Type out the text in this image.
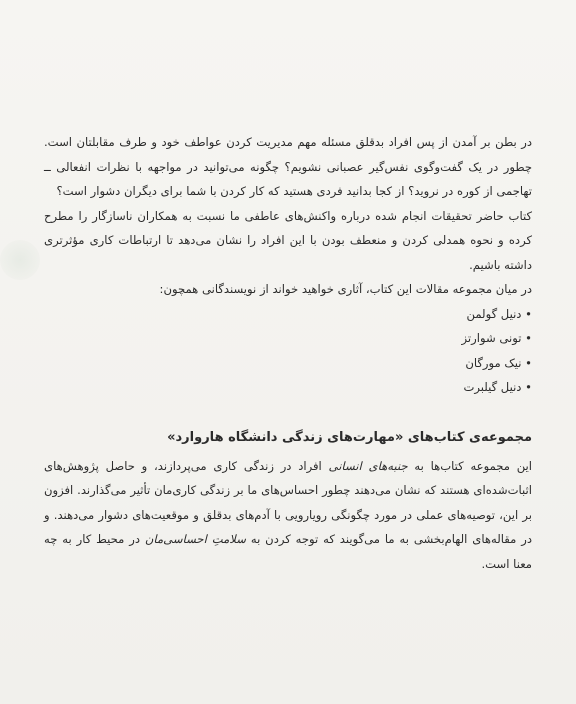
در بطن بر آمدن از پس افراد بدقلق مسئله مهم مدیریت کردن عواطف خود و طرف مقابلتان است. چطور در یک گفت‌وگوی نفس‌گیر عصبانی نشویم؟ چگونه می‌توانید در مواجهه با نظرات انفعالی ــ تهاجمی از کوره در نروید؟ از کجا بدانید فردی هستید که کار کردن با شما برای دیگران دشوار است؟

کتاب حاضر تحقیقات انجام شده درباره واکنش‌های عاطفی ما نسبت به همکاران ناسازگار را مطرح کرده و نحوه همدلی کردن و منعطف بودن با این افراد را نشان می‌دهد تا ارتباطات کاری مؤثرتری داشته باشیم.

در میان مجموعه مقالات این کتاب، آثاری خواهید خواند از نویسندگانی همچون:

• دنیل گولمن
• تونی شوارتز
• نیک مورگان
• دنیل گیلبرت
مجموعه‌ی کتاب‌های «مهارت‌های زندگی دانشگاه هاروارد»

این مجموعه کتاب‌ها به جنبه‌های انسانی افراد در زندگی کاری می‌پردازند، و حاصل پژوهش‌های اثبات‌شده‌ای هستند که نشان می‌دهند چطور احساس‌های ما بر زندگی کاری‌مان تأثیر می‌گذارند. افزون بر این، توصیه‌های عملی در مورد چگونگی رویارویی با آدم‌های بدقلق و موقعیت‌های دشوار می‌دهند. و در مقاله‌های الهام‌بخشی به ما می‌گویند که توجه کردن به سلامتِ احساسی‌مان در محیط کار به چه معنا است.
